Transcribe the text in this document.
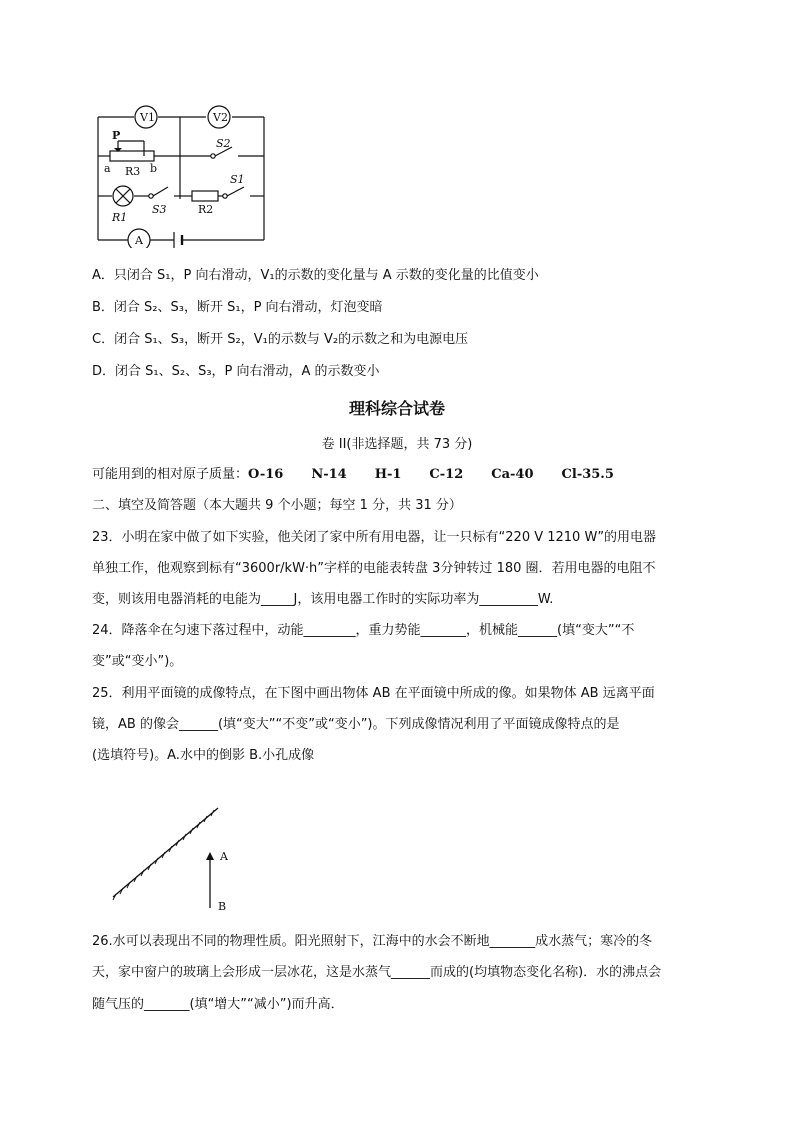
V1	V2
A
P
a	b
R3
S2
S1
S3
R1
R2
A．只闭合 S₁，P 向右滑动，V₁的示数的变化量与 A 示数的变化量的比值变小
B．闭合 S₂、S₃，断开 S₁，P 向右滑动，灯泡变暗
C．闭合 S₁、S₃，断开 S₂，V₁的示数与 V₂的示数之和为电源电压
D．闭合 S₁、S₂、S₃，P 向右滑动，A 的示数变小
理科综合试卷
卷 II(非选择题，共 73 分)
可能用到的相对原子质量：O-16 N-14 H-1 C-12 Ca-40 Cl-35.5
二、填空及简答题（本大题共 9 个小题；每空 1 分，共 31 分）
23．小明在家中做了如下实验，他关闭了家中所有用电器，让一只标有“220 V 1210 W”的用电器
单独工作，他观察到标有“3600r/kW·h”字样的电能表转盘 3分钟转过 180 圈．若用电器的电阻不
变，则该用电器消耗的电能为_____J，该用电器工作时的实际功率为_________W.
24．降落伞在匀速下落过程中，动能________，重力势能_______，机械能______(填“变大”“不
变”或“变小”)。
25．利用平面镜的成像特点，在下图中画出物体 AB 在平面镜中所成的像。如果物体 AB 远离平面
镜，AB 的像会______(填“变大”“不变”或“变小”)。下列成像情况利用了平面镜成像特点的是
(选填符号)。A.水中的倒影 B.小孔成像
A
B
26.水可以表现出不同的物理性质。阳光照射下，江海中的水会不断地_______成水蒸气；寒冷的冬
天，家中窗户的玻璃上会形成一层冰花，这是水蒸气______而成的(均填物态变化名称)．水的沸点会
随气压的_______(填“增大”“减小”)而升高．
